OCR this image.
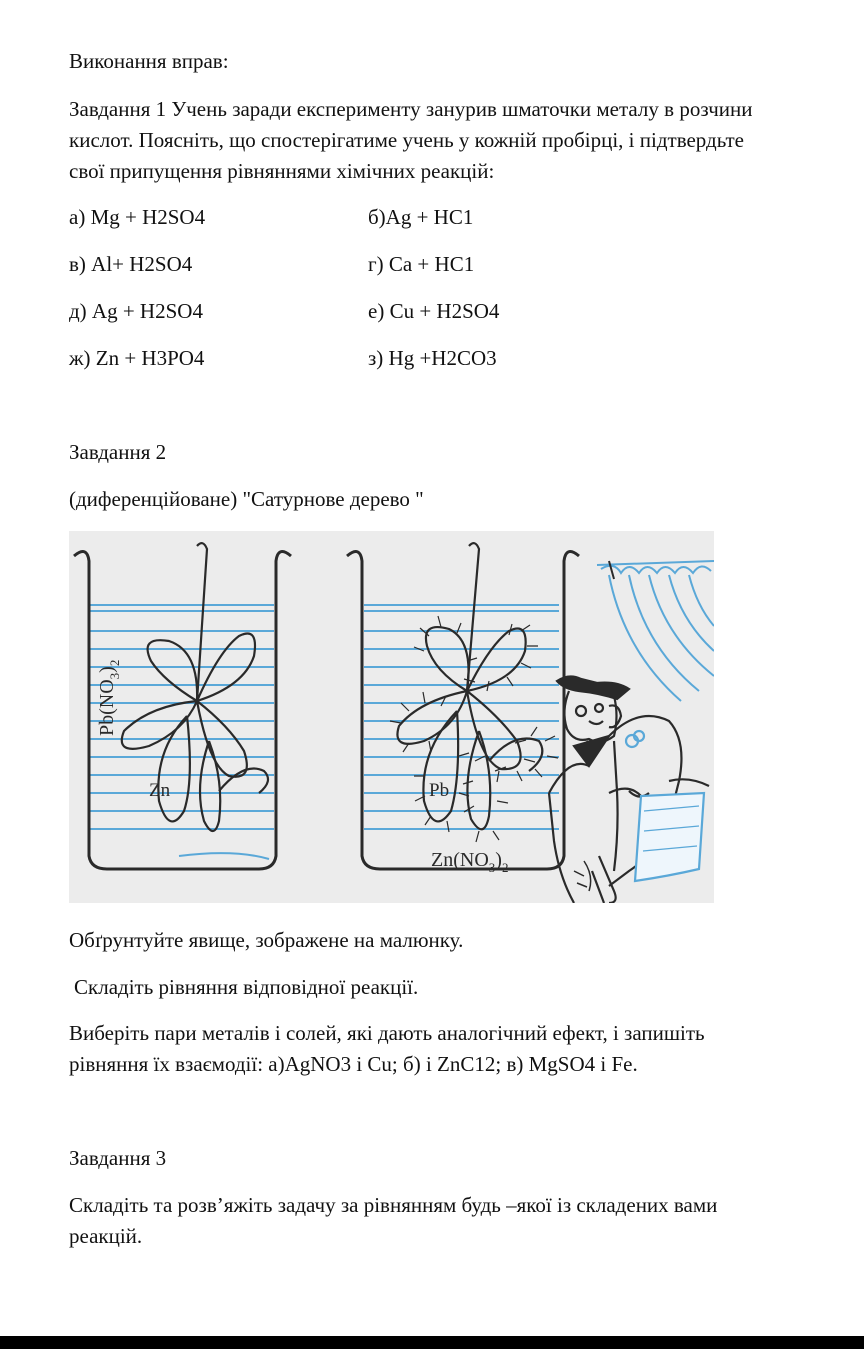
Виконання вправ:

Завдання 1 Учень заради експерименту занурив шматочки металу в розчини

кислот. Поясніть, що спостерігатиме учень у кожній пробірці, і підтвердьте

свої припущення рівняннями хімічних реакцій:

а) Mg + H2SO4	б)Ag + HC1

в) Al+ H2SO4	г) Ca + HC1

д) Ag + H2SO4	е) Cu + H2SO4

ж) Zn + H3PO4	з) Hg +H2CO3

Завдання 2

(диференційоване) "Сатурнове дерево "

$Pb(NO_3)_2$
Zn	Pb
$Zn(NO_3)_2$

Обґрунтуйте явище, зображене на малюнку.

Складіть рівняння відповідної реакції.

Виберіть пари металів і солей, які дають аналогічний ефект, і запишіть

рівняння їх взаємодії: а)AgNO3 і Cu; б) і ZnC12; в) MgSO4 і Fe.

Завдання 3

Складіть та розв’яжіть задачу за рівнянням будь –якої із складених вами

реакцій.
